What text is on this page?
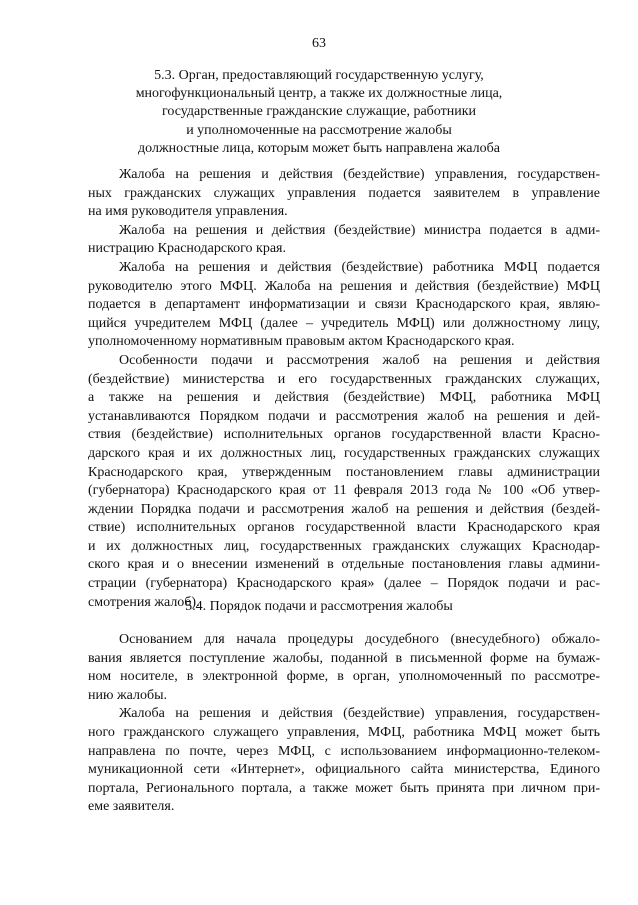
63
5.3. Орган, предоставляющий государственную услугу,
многофункциональный центр, а также их должностные лица,
государственные гражданские служащие, работники
и уполномоченные на рассмотрение жалобы
должностные лица, которым может быть направлена жалоба

Жалоба на решения и действия (бездействие) управления, государствен-
ных гражданских служащих управления подается заявителем в управление
на имя руководителя управления.

Жалоба на решения и действия (бездействие) министра подается в адми-
нистрацию Краснодарского края.

Жалоба на решения и действия (бездействие) работника МФЦ подается
руководителю этого МФЦ. Жалоба на решения и действия (бездействие) МФЦ
подается в департамент информатизации и связи Краснодарского края, являю-
щийся учредителем МФЦ (далее – учредитель МФЦ) или должностному лицу,
уполномоченному нормативным правовым актом Краснодарского края.

Особенности подачи и рассмотрения жалоб на решения и действия
(бездействие) министерства и его государственных гражданских служащих,
а также на решения и действия (бездействие) МФЦ, работника МФЦ
устанавливаются Порядком подачи и рассмотрения жалоб на решения и дей-
ствия (бездействие) исполнительных органов государственной власти Красно-
дарского края и их должностных лиц, государственных гражданских служащих
Краснодарского края, утвержденным постановлением главы администрации
(губернатора) Краснодарского края от 11 февраля 2013 года № 100 «Об утвер-
ждении Порядка подачи и рассмотрения жалоб на решения и действия (бездей-
ствие) исполнительных органов государственной власти Краснодарского края
и их должностных лиц, государственных гражданских служащих Краснодар-
ского края и о внесении изменений в отдельные постановления главы админи-
страции (губернатора) Краснодарского края» (далее – Порядок подачи и рас-
смотрения жалоб).

5.4. Порядок подачи и рассмотрения жалобы

Основанием для начала процедуры досудебного (внесудебного) обжало-
вания является поступление жалобы, поданной в письменной форме на бумаж-
ном носителе, в электронной форме, в орган, уполномоченный по рассмотре-
нию жалобы.

Жалоба на решения и действия (бездействие) управления, государствен-
ного гражданского служащего управления, МФЦ, работника МФЦ может быть
направлена по почте, через МФЦ, с использованием информационно-телеком-
муникационной сети «Интернет», официального сайта министерства, Единого
портала, Регионального портала, а также может быть принята при личном при-
еме заявителя.
